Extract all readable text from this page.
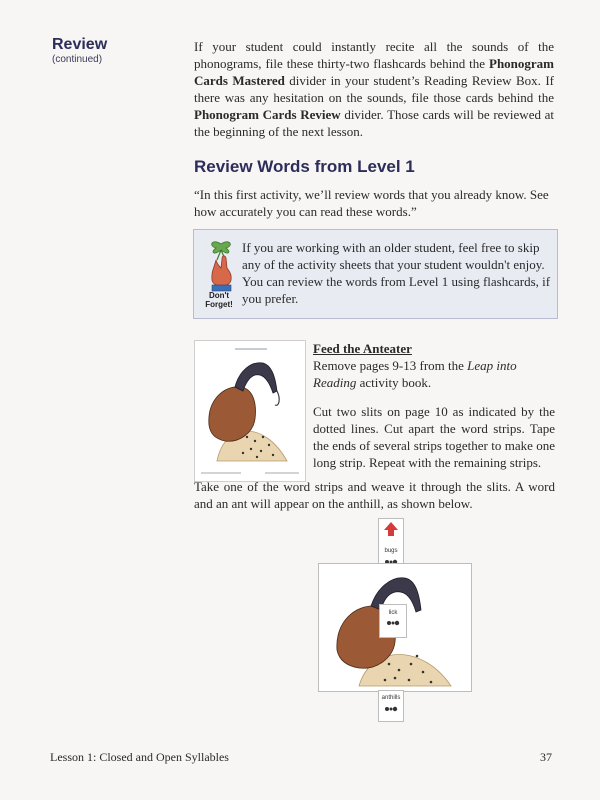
Review
(continued)
If your student could instantly recite all the sounds of the phonograms, file these thirty-two flashcards behind the Phonogram Cards Mastered divider in your student’s Reading Review Box. If there was any hesitation on the sounds, file those cards behind the Phonogram Cards Review divider. Those cards will be reviewed at the beginning of the next lesson.
Review Words from Level 1
“In this first activity, we’ll review words that you already know. See how accurately you can read these words.”
Don't Forget!
If you are working with an older student, feel free to skip any of the activity sheets that your student wouldn't enjoy. You can review the words from Level 1 using flashcards, if you prefer.
Feed the Anteater
Remove pages 9-13 from the Leap into Reading activity book.
Cut two slits on page 10 as indicated by the dotted lines. Cut apart the word strips. Tape the ends of several strips together to make one long strip. Repeat with the remaining strips.
Take one of the word strips and weave it through the slits. A word and an ant will appear on the anthill, as shown below.
bugs
lick
anthills
Lesson 1: Closed and Open Syllables	37
